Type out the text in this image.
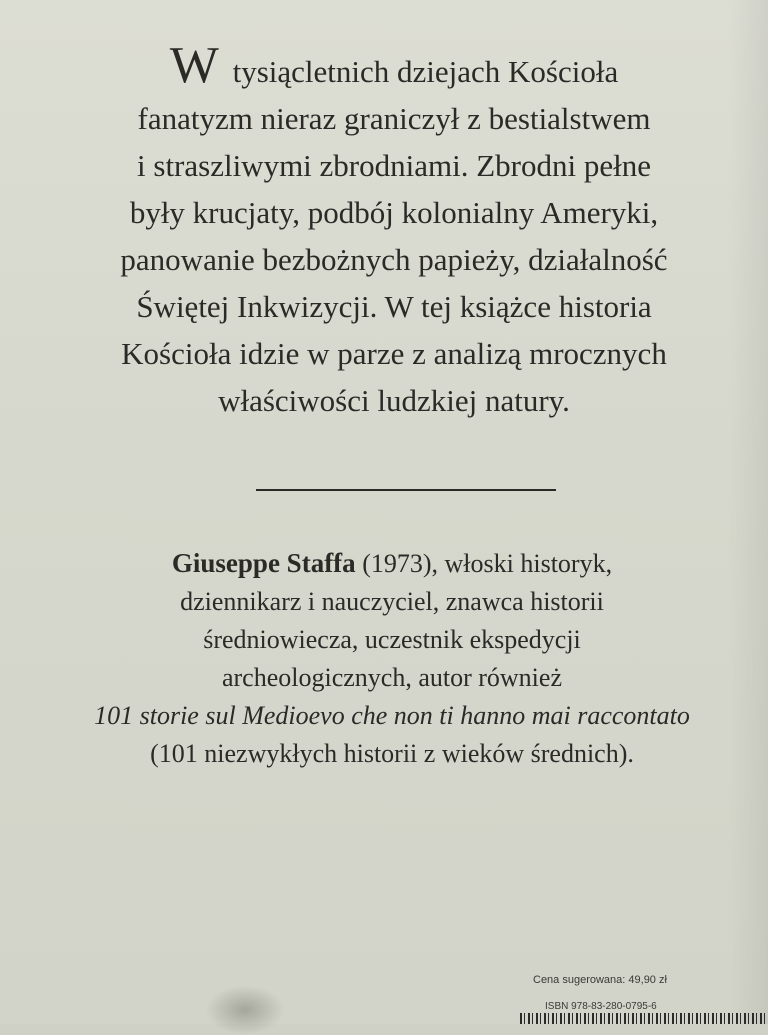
W tysiącletnich dziejach Kościoła
fanatyzm nieraz graniczył z bestialstwem
i straszliwymi zbrodniami. Zbrodni pełne
były krucjaty, podbój kolonialny Ameryki,
panowanie bezbożnych papieży, działalność
Świętej Inkwizycji. W tej książce historia
Kościoła idzie w parze z analizą mrocznych
właściwości ludzkiej natury.
Giuseppe Staffa (1973), włoski historyk,
dziennikarz i nauczyciel, znawca historii
średniowiecza, uczestnik ekspedycji
archeologicznych, autor również
101 storie sul Medioevo che non ti hanno mai raccontato
(101 niezwykłych historii z wieków średnich).
Cena sugerowana: 49,90 zł
ISBN 978-83-280-0795-6
